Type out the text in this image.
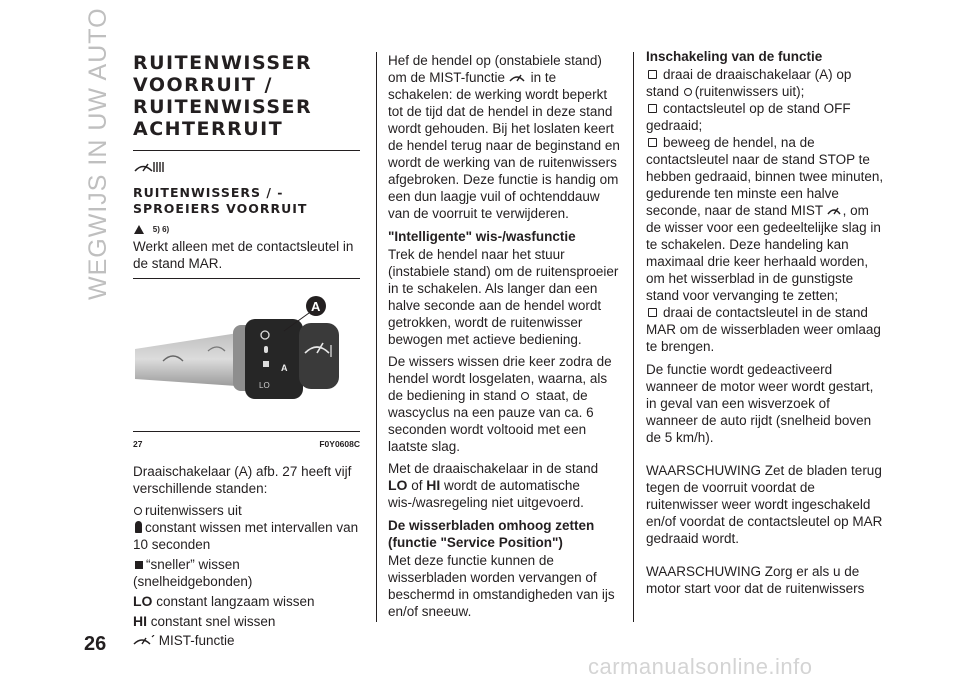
WEGWIJS IN UW AUTO RUITENWISSER VOORRUIT / RUITENWISSER ACHTERRUIT
RUITENWISSERS / -SPROEIERS VOORRUIT
5) 6)

Werkt alleen met de contactsleutel in de stand MAR.

LO
A
A
27	F0Y0608C

Draaischakelaar (A) afb. 27 heeft vijf verschillende standen:

ruitenwissers uit
constant wissen met intervallen van 10 seconden
“sneller” wissen (snelheidgebonden)
LO constant langzaam wissen
HI constant snel wissen
MIST-functie

Hef de hendel op (onstabiele stand) om de MIST-functie in te schakelen: de werking wordt beperkt tot de tijd dat de hendel in deze stand wordt gehouden. Bij het loslaten keert de hendel terug naar de beginstand en wordt de werking van de ruitenwissers afgebroken. Deze functie is handig om een dun laagje vuil of ochtenddauw van de voorruit te verwijderen.

"Intelligente" wis-/wasfunctie

Trek de hendel naar het stuur (instabiele stand) om de ruitensproeier in te schakelen. Als langer dan een halve seconde aan de hendel wordt getrokken, wordt de ruitenwisser bewogen met actieve bediening.

De wissers wissen drie keer zodra de hendel wordt losgelaten, waarna, als de bediening in stand staat, de wascyclus na een pauze van ca. 6 seconden wordt voltooid met een laatste slag.

Met de draaischakelaar in de stand LO of HI wordt de automatische wis-/wasregeling niet uitgevoerd.

De wisserbladen omhoog zetten (functie "Service Position")

Met deze functie kunnen de wisserbladen worden vervangen of beschermd in omstandigheden van ijs en/of sneeuw.

Inschakeling van de functie
draai de draaischakelaar (A) op stand (ruitenwissers uit);
contactsleutel op de stand OFF gedraaid;
beweeg de hendel, na de contactsleutel naar de stand STOP te hebben gedraaid, binnen twee minuten, gedurende ten minste een halve seconde, naar de stand MIST , om de wisser voor een gedeeltelijke slag in te schakelen. Deze handeling kan maximaal drie keer herhaald worden, om het wisserblad in de gunstigste stand voor vervanging te zetten;
draai de contactsleutel in de stand MAR om de wisserbladen weer omlaag te brengen.

De functie wordt gedeactiveerd wanneer de motor weer wordt gestart, in geval van een wisverzoek of wanneer de auto rijdt (snelheid boven de 5 km/h).

WAARSCHUWING Zet de bladen terug tegen de voorruit voordat de ruitenwisser weer wordt ingeschakeld en/of voordat de contactsleutel op MAR gedraaid wordt.

WAARSCHUWING Zorg er als u de motor start voor dat de ruitenwissers

26
carmanualsonline.info
